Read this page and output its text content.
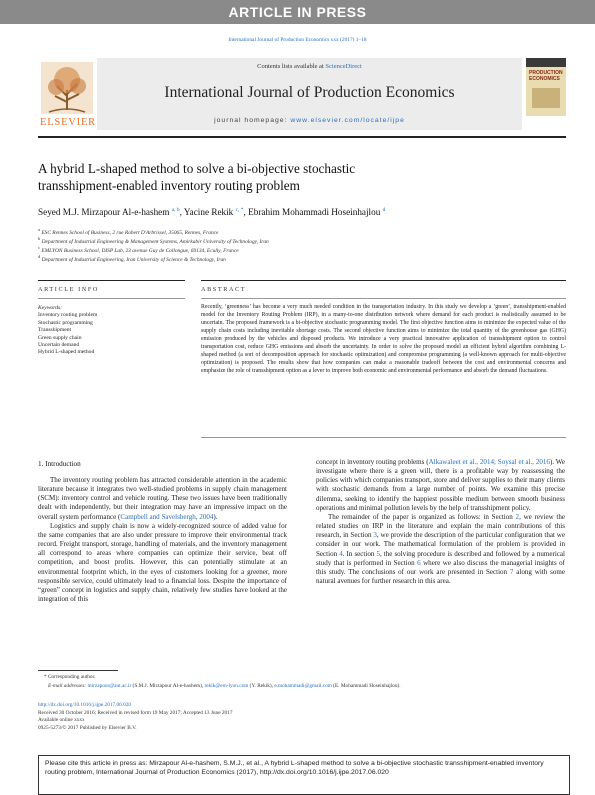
ARTICLE IN PRESS
International Journal of Production Economics xxx (2017) 1–18
Contents lists available at ScienceDirect
International Journal of Production Economics
journal homepage: www.elsevier.com/locate/ijpe
ELSEVIER
PRODUCTION ECONOMICS
A hybrid L-shaped method to solve a bi-objective stochastic
transshipment-enabled inventory routing problem
Seyed M.J. Mirzapour Al-e-hashem $^{a, b}$, Yacine Rekik $^{c, *}$, Ebrahim Mohammadi Hoseinhajlou $^d$
$^a$ ESC Rennes School of Business, 2 rue Robert D'Arbrissel, 35065, Rennes, France
$^b$ Department of Industrial Engineering & Management Systems, Amirkabir University of Technology, Iran
$^c$ EMLYON Business School, DISP Lab, 23 avenue Guy de Collongue, 69134, Ecully, France
$^d$ Department of Industrial Engineering, Iran University of Science & Technology, Iran
ARTICLE INFO	ABSTRACT
Keywords:
Inventory routing problem
Stochastic programming
Transshipment
Green supply chain
Uncertain demand
Hybrid L-shaped method
Recently, ‘greenness’ has become a very much needed condition in the transportation industry. In this study we develop a ‘green’, transshipment-enabled model for the Inventory Routing Problem (IRP), in a many-to-one distribution network where demand for each product is realistically assumed to be uncertain. The proposed framework is a bi-objective stochastic programming model. The first objective function aims to minimize the expected value of the supply chain costs including inevitable shortage costs. The second objective function aims to minimize the total quantity of the greenhouse gas (GHG) emission produced by the vehicles and disposed products. We introduce a very practical innovative application of transshipment option to control transportation cost, reduce GHG emissions and absorb the uncertainty. In order to solve the proposed model an efficient hybrid algorithm combining L-shaped method (a sort of decomposition approach for stochastic optimization) and compromise programming (a well-known approach for multi-objective optimization) is proposed. The results show that how companies can make a reasonable tradeoff between the cost and environmental concerns and emphasize the role of transshipment option as a lever to improve both economic and environmental performance and absorb the demand fluctuations.
1. Introduction

The inventory routing problem has attracted considerable attention in the academic literature because it integrates two well-studied problems in supply chain management (SCM): inventory control and vehicle routing. These two issues have been traditionally dealt with independently, but their integration may have an impressive impact on the overall system performance (Campbell and Savelsbergh, 2004).

Logistics and supply chain is now a widely-recognized source of added value for the same companies that are also under pressure to improve their environmental track record. Freight transport, storage, handling of materials, and the inventory management all correspond to areas where companies can optimize their service, beat off competition, and boost profits. However, this can potentially stimulate at an environmental footprint which, in the eyes of customers looking for a greener, more responsible service, could ultimately lead to a financial loss. Despite the importance of “green” concept in logistics and supply chain, relatively few studies have looked at the integration of this

concept in inventory routing problems (Alkawaleet et al., 2014; Soysal et al., 2016). We investigate where there is a green will, there is a profitable way by reassessing the policies with which companies transport, store and deliver supplies to their many clients with stochastic demands from a large number of points. We examine this precise dilemma, seeking to identify the happiest possible medium between smooth business operations and minimal pollution levels by the help of transshipment policy.

The remainder of the paper is organized as follows: in Section 2, we review the related studies on IRP in the literature and explain the main contributions of this research, in Section 3, we provide the description of the particular configuration that we consider in our work. The mathematical formulation of the problem is provided in Section 4. In section 5, the solving procedure is described and followed by a numerical study that is performed in Section 6 where we also discuss the managerial insights of this study. The conclusions of our work are presented in Section 7 along with some natural avenues for further research in this area.

* Corresponding author.
E-mail addresses: mirzapour@aut.ac.ir (S.M.J. Mirzapour Al-e-hashem), rekik@em-lyon.com (Y. Rekik), e.mohammadi@gmail.com (E. Mohammadi Hoseinhajlou).
http://dx.doi.org/10.1016/j.ijpe.2017.06.020
Received 30 October 2016; Received in revised form 19 May 2017; Accepted 13 June 2017
Available online xxxx
0925-5273/© 2017 Published by Elsevier B.V.
Please cite this article in press as: Mirzapour Al-e-hashem, S.M.J., et al., A hybrid L-shaped method to solve a bi-objective stochastic transshipment-enabled inventory routing problem, International Journal of Production Economics (2017), http://dx.doi.org/10.1016/j.ijpe.2017.06.020
